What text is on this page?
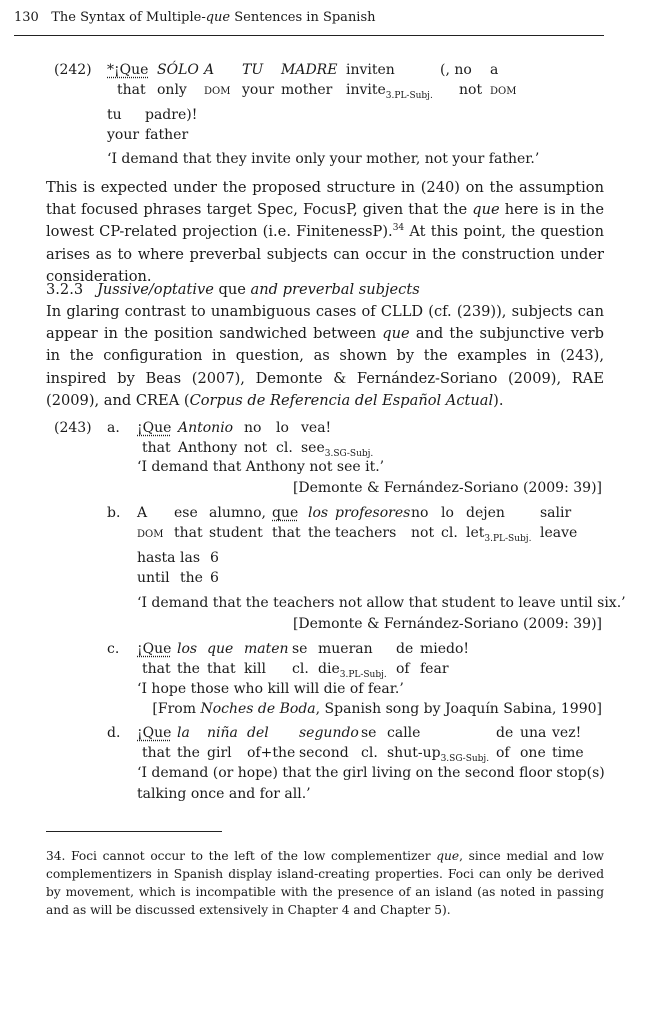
130 The Syntax of Multiple-que Sentences in Spanish
(242) *¡Que SÓLO A TU MADRE inviten	(, no a
that only dom your mother invite$_{3.PL-Subj.}$ not dom
tu padre)!
your father
‘I demand that they invite only your mother, not your father.’

This is expected under the proposed structure in (240) on the assumption that focused phrases target Spec, FocusP, given that the que here is in the lowest CP-related projection (i.e. FinitenessP).$^{34}$ At this point, the question arises as to where preverbal subjects can occur in the construction under consideration.

3.2.3 Jussive/optative que and preverbal subjects

In glaring contrast to unambiguous cases of CLLD (cf. (239)), subjects can appear in the position sandwiched between que and the subjunctive verb in the configuration in question, as shown by the examples in (243), inspired by Beas (2007), Demonte & Fernández-Soriano (2009), RAE (2009), and CREA (Corpus de Referencia del Español Actual).

(243) a. ¡Que Antonio no lo vea!
that Anthony not cl. see$_{3.SG-Subj.}$
‘I demand that Anthony not see it.’
[Demonte & Fernández-Soriano (2009: 39)]
b. A ese alumno, que los profesores no lo dejen	salir
dom that student that the teachers not cl. let$_{3.PL-Subj.}$ leave
hasta las 6
until the 6
‘I demand that the teachers not allow that student to leave until six.’
[Demonte & Fernández-Soriano (2009: 39)]
c. ¡Que los que maten se mueran de miedo!
that the that kill cl. die$_{3.PL-Subj.}$ of fear
‘I hope those who kill will die of fear.’
[From Noches de Boda, Spanish song by Joaquín Sabina, 1990]
d. ¡Que la niña del segundo se calle	de una vez!
that the girl of+the second cl. shut-$up_{3.SG-Subj.}$ of one time
‘I demand (or hope) that the girl living on the second floor stop(s)
talking once and for all.’

34. Foci cannot occur to the left of the low complementizer que, since medial and low complementizers in Spanish display island-creating properties. Foci can only be derived by movement, which is incompatible with the presence of an island (as noted in passing and as will be discussed extensively in Chapter 4 and Chapter 5).
